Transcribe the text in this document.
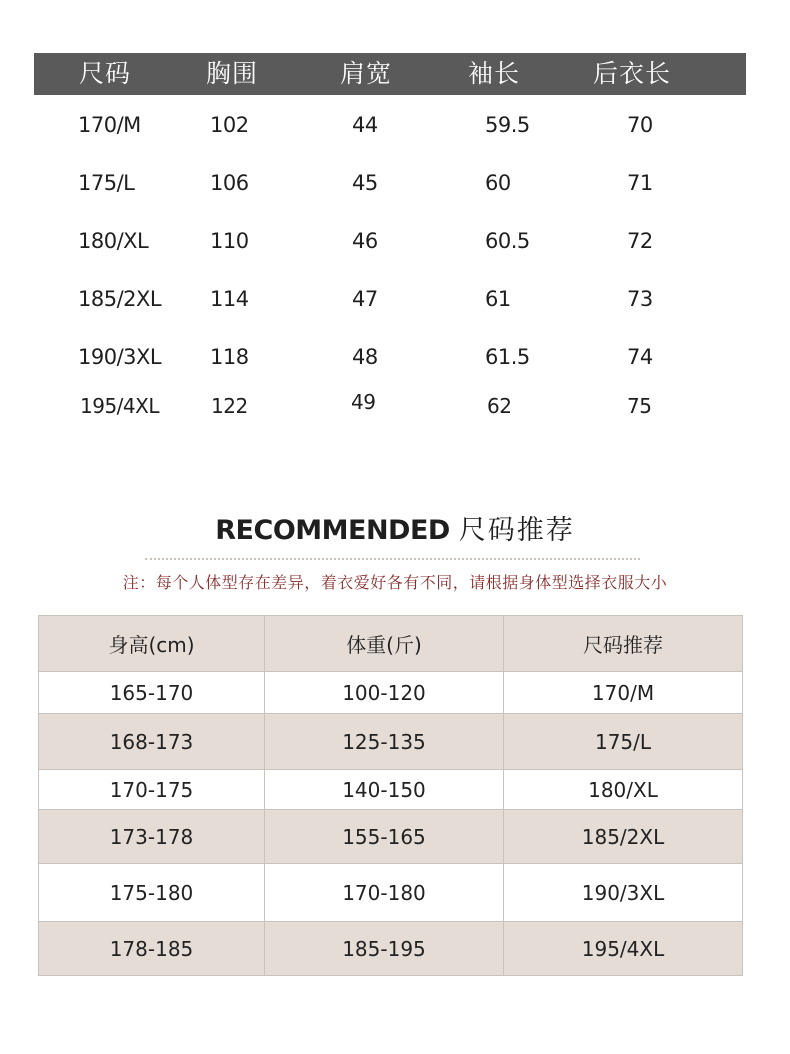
尺码	胸围	肩宽	袖长	后衣长
170/M	102	44	59.5	70
175/L	106	45	60	71
180/XL	110	46	60.5	72
185/2XL 114	47	61	73
190/3XL 118	48	61.5	74
195/4XL	122	49	62	75
RECOMMENDED 尺码推荐
注：每个人体型存在差异，着衣爱好各有不同，请根据身体型选择衣服大小
身高(cm)	体重(斤)	尺码推荐
165-170	100-120	170/M
168-173	125-135	175/L
170-175	140-150	180/XL
173-178	155-165	185/2XL
175-180	170-180	190/3XL
178-185	185-195	195/4XL
